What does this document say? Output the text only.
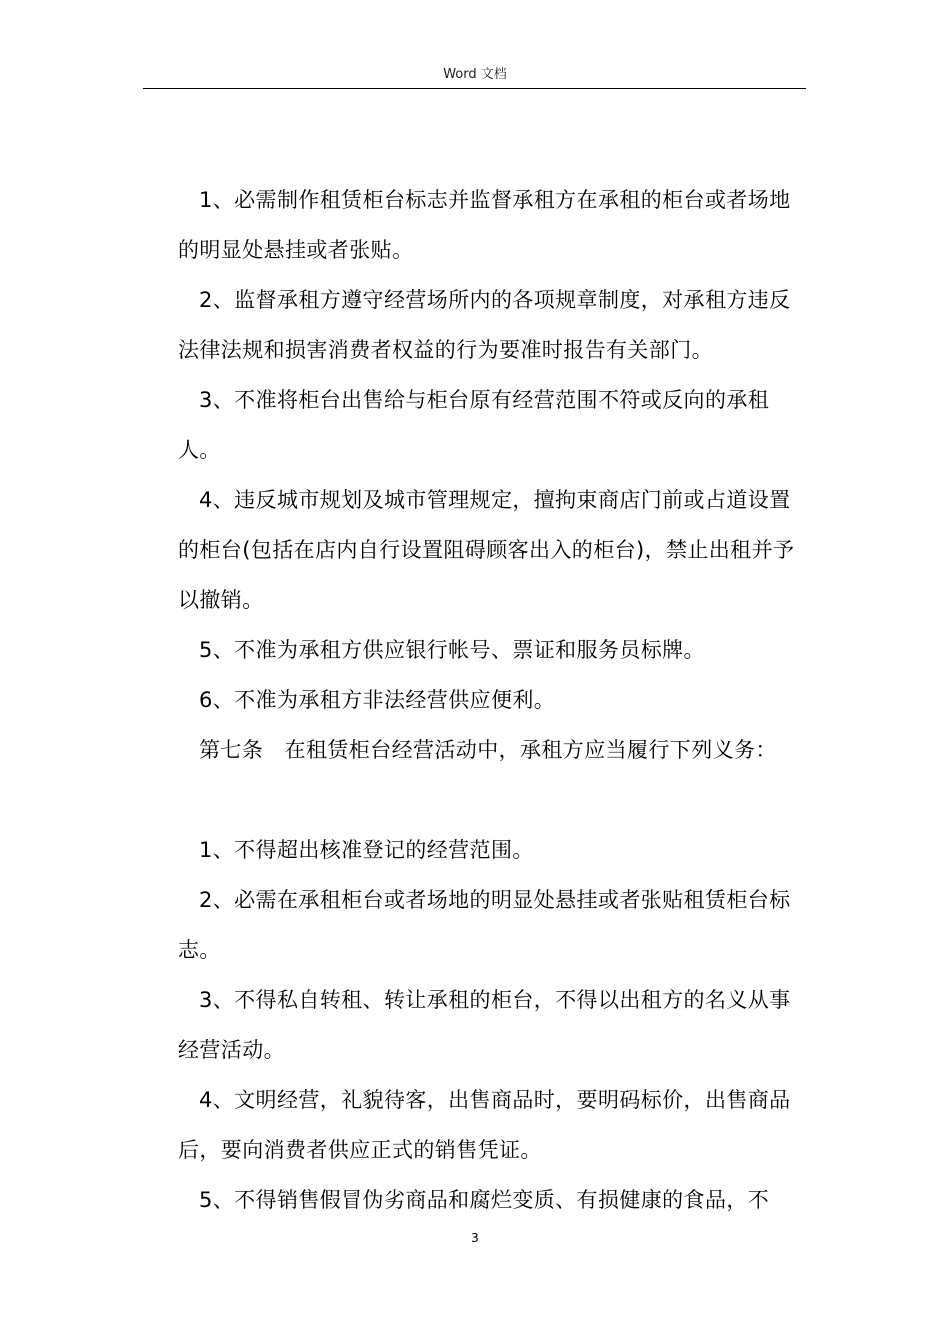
Word 文档

1、必需制作租赁柜台标志并监督承租方在承租的柜台或者场地的明显处悬挂或者张贴。

2、监督承租方遵守经营场所内的各项规章制度，对承租方违反法律法规和损害消费者权益的行为要准时报告有关部门。

3、不准将柜台出售给与柜台原有经营范围不符或反向的承租人。

4、违反城市规划及城市管理规定，擅拘束商店门前或占道设置的柜台(包括在店内自行设置阻碍顾客出入的柜台)，禁止出租并予以撤销。

5、不准为承租方供应银行帐号、票证和服务员标牌。

6、不准为承租方非法经营供应便利。

第七条　在租赁柜台经营活动中，承租方应当履行下列义务：

1、不得超出核准登记的经营范围。

2、必需在承租柜台或者场地的明显处悬挂或者张贴租赁柜台标志。

3、不得私自转租、转让承租的柜台，不得以出租方的名义从事经营活动。

4、文明经营，礼貌待客，出售商品时，要明码标价，出售商品后，要向消费者供应正式的销售凭证。

5、不得销售假冒伪劣商品和腐烂变质、有损健康的食品，不

3
